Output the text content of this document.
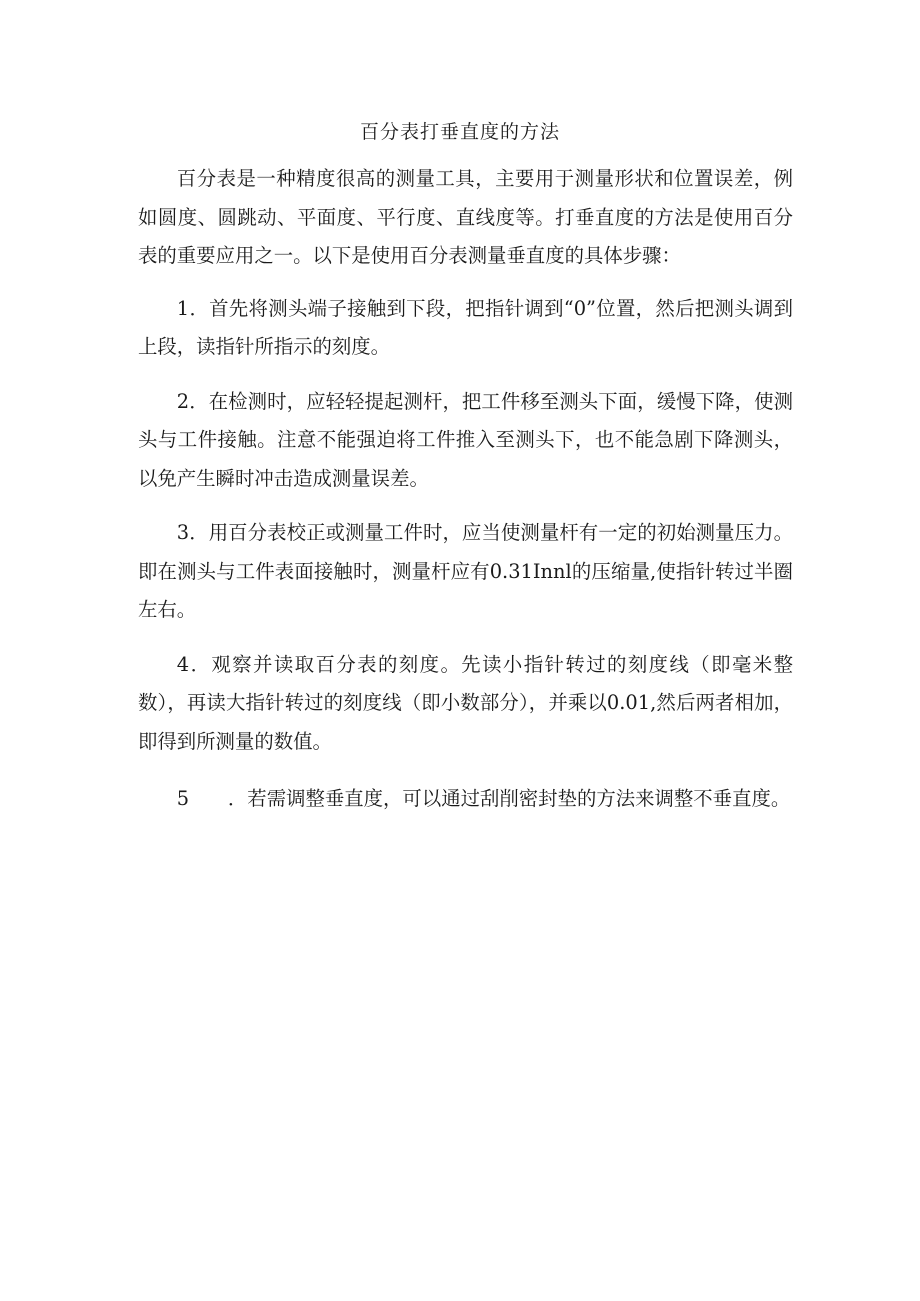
百分表打垂直度的方法

百分表是一种精度很高的测量工具，主要用于测量形状和位置误差，例如圆度、圆跳动、平面度、平行度、直线度等。打垂直度的方法是使用百分表的重要应用之一。以下是使用百分表测量垂直度的具体步骤：

1．首先将测头端子接触到下段，把指针调到“0”位置，然后把测头调到上段，读指针所指示的刻度。

2．在检测时，应轻轻提起测杆，把工件移至测头下面，缓慢下降，使测头与工件接触。注意不能强迫将工件推入至测头下，也不能急剧下降测头，以免产生瞬时冲击造成测量误差。

3．用百分表校正或测量工件时，应当使测量杆有一定的初始测量压力。即在测头与工件表面接触时，测量杆应有0.31Innl的压缩量,使指针转过半圈左右。

4．观察并读取百分表的刻度。先读小指针转过的刻度线（即毫米整数），再读大指针转过的刻度线（即小数部分），并乘以0.01,然后两者相加，即得到所测量的数值。

5　　．若需调整垂直度，可以通过刮削密封垫的方法来调整不垂直度。
